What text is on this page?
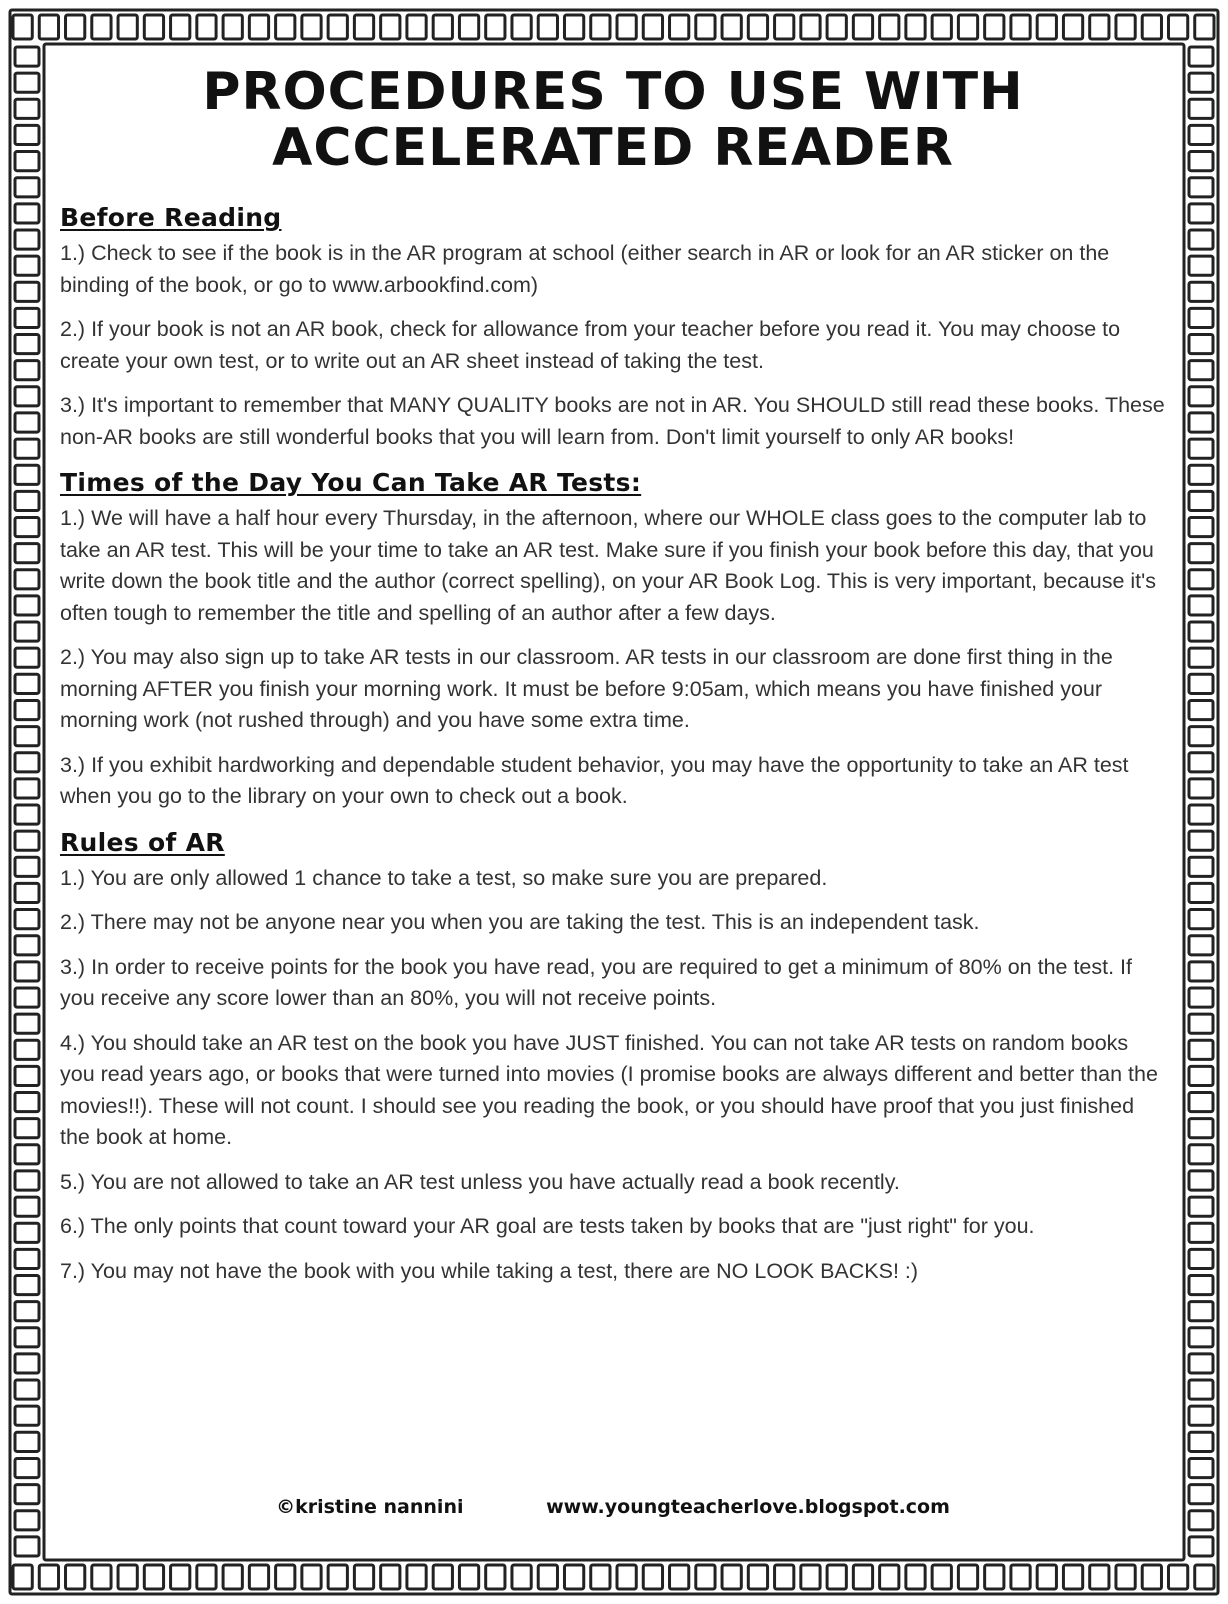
PROCEDURES TO USE WITH
ACCELERATED READER
Before Reading

1.) Check to see if the book is in the AR program at school (either search in AR or look for an AR sticker on the binding of the book, or go to www.arbookfind.com)

2.) If your book is not an AR book, check for allowance from your teacher before you read it. You may choose to create your own test, or to write out an AR sheet instead of taking the test.

3.) It's important to remember that MANY QUALITY books are not in AR. You SHOULD still read these books. These non-AR books are still wonderful books that you will learn from. Don't limit yourself to only AR books!

Times of the Day You Can Take AR Tests:

1.) We will have a half hour every Thursday, in the afternoon, where our WHOLE class goes to the computer lab to take an AR test. This will be your time to take an AR test. Make sure if you finish your book before this day, that you write down the book title and the author (correct spelling), on your AR Book Log. This is very important, because it's often tough to remember the title and spelling of an author after a few days.

2.) You may also sign up to take AR tests in our classroom. AR tests in our classroom are done first thing in the morning AFTER you finish your morning work. It must be before 9:05am, which means you have finished your morning work (not rushed through) and you have some extra time.

3.) If you exhibit hardworking and dependable student behavior, you may have the opportunity to take an AR test when you go to the library on your own to check out a book.

Rules of AR

1.) You are only allowed 1 chance to take a test, so make sure you are prepared.

2.) There may not be anyone near you when you are taking the test. This is an independent task.

3.) In order to receive points for the book you have read, you are required to get a minimum of 80% on the test. If you receive any score lower than an 80%, you will not receive points.

4.) You should take an AR test on the book you have JUST finished. You can not take AR tests on random books you read years ago, or books that were turned into movies (I promise books are always different and better than the movies!!). These will not count. I should see you reading the book, or you should have proof that you just finished the book at home.

5.) You are not allowed to take an AR test unless you have actually read a book recently.

6.) The only points that count toward your AR goal are tests taken by books that are "just right" for you.

7.) You may not have the book with you while taking a test, there are NO LOOK BACKS! :)

©kristine nannini	www.youngteacherlove.blogspot.com
